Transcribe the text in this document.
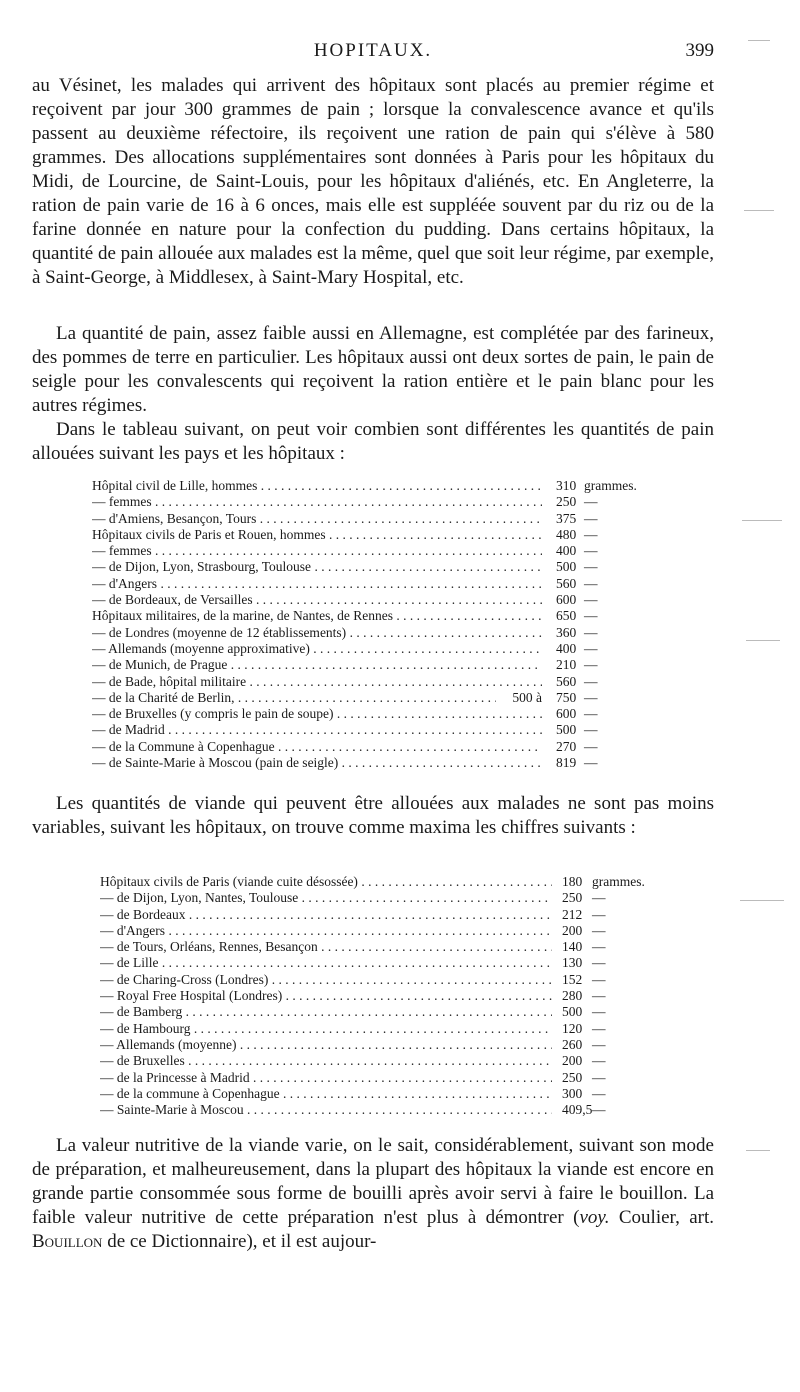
HOPITAUX.	399
au Vésinet, les malades qui arrivent des hôpitaux sont placés au premier régime et reçoivent par jour 300 grammes de pain ; lorsque la convalescence avance et qu'ils passent au deuxième réfectoire, ils reçoivent une ration de pain qui s'élève à 580 grammes. Des allocations supplémentaires sont données à Paris pour les hôpitaux du Midi, de Lourcine, de Saint-Louis, pour les hôpitaux d'aliénés, etc. En Angleterre, la ration de pain varie de 16 à 6 onces, mais elle est suppléée souvent par du riz ou de la farine donnée en nature pour la confection du pudding. Dans certains hôpitaux, la quantité de pain allouée aux malades est la même, quel que soit leur régime, par exemple, à Saint-George, à Middlesex, à Saint-Mary Hospital, etc.
La quantité de pain, assez faible aussi en Allemagne, est complétée par des farineux, des pommes de terre en particulier. Les hôpitaux aussi ont deux sortes de pain, le pain de seigle pour les convalescents qui reçoivent la ration entière et le pain blanc pour les autres régimes.
Dans le tableau suivant, on peut voir combien sont différentes les quantités de pain allouées suivant les pays et les hôpitaux :
Hôpital civil de Lille, hommes . . .	310 grammes.
— femmes . . .	250 —
— d'Amiens, Besançon, Tours . . .	375 —
Hôpitaux civils de Paris et Rouen, hommes . . .	480 —
— femmes . . .	400 —
— de Dijon, Lyon, Strasbourg, Toulouse . . .	500 —
— d'Angers . . .	560 —
— de Bordeaux, de Versailles . . .	600 —
Hôpitaux militaires, de la marine, de Nantes, de Rennes . . .	650 —
— de Londres (moyenne de 12 établissements) . . .	360 —
— Allemands (moyenne approximative) . . .	400 —
— de Munich, de Prague . . .	210 —
— de Bade, hôpital militaire . . .	560 —
— de la Charité de Berlin, . . .	500 à 750 —
— de Bruxelles (y compris le pain de soupe) . . .	600 —
— de Madrid . . .	500 —
— de la Commune à Copenhague . . .	270 —
— de Sainte-Marie à Moscou (pain de seigle) . . .	819 —
Les quantités de viande qui peuvent être allouées aux malades ne sont pas moins variables, suivant les hôpitaux, on trouve comme maxima les chiffres suivants :
Hôpitaux civils de Paris (viande cuite désossée) . . .	180 grammes.
— de Dijon, Lyon, Nantes, Toulouse . . .	250 —
— de Bordeaux . . .	212 —
— d'Angers . . .	200 —
— de Tours, Orléans, Rennes, Besançon . . .	140 —
— de Lille . . .	130 —
— de Charing-Cross (Londres) . . .	152 —
— Royal Free Hospital (Londres) . . .	280 —
— de Bamberg . . .	500 —
— de Hambourg . . .	120 —
— Allemands (moyenne) . . .	260 —
— de Bruxelles . . .	200 —
— de la Princesse à Madrid . . .	250 —
— de la commune à Copenhague . . .	300 —
— Sainte-Marie à Moscou . . .	409,5 —
La valeur nutritive de la viande varie, on le sait, considérablement, suivant son mode de préparation, et malheureusement, dans la plupart des hôpitaux la viande est encore en grande partie consommée sous forme de bouilli après avoir servi à faire le bouillon. La faible valeur nutritive de cette préparation n'est plus à démontrer (voy. Coulier, art. Bouillon de ce Dictionnaire), et il est aujour-
